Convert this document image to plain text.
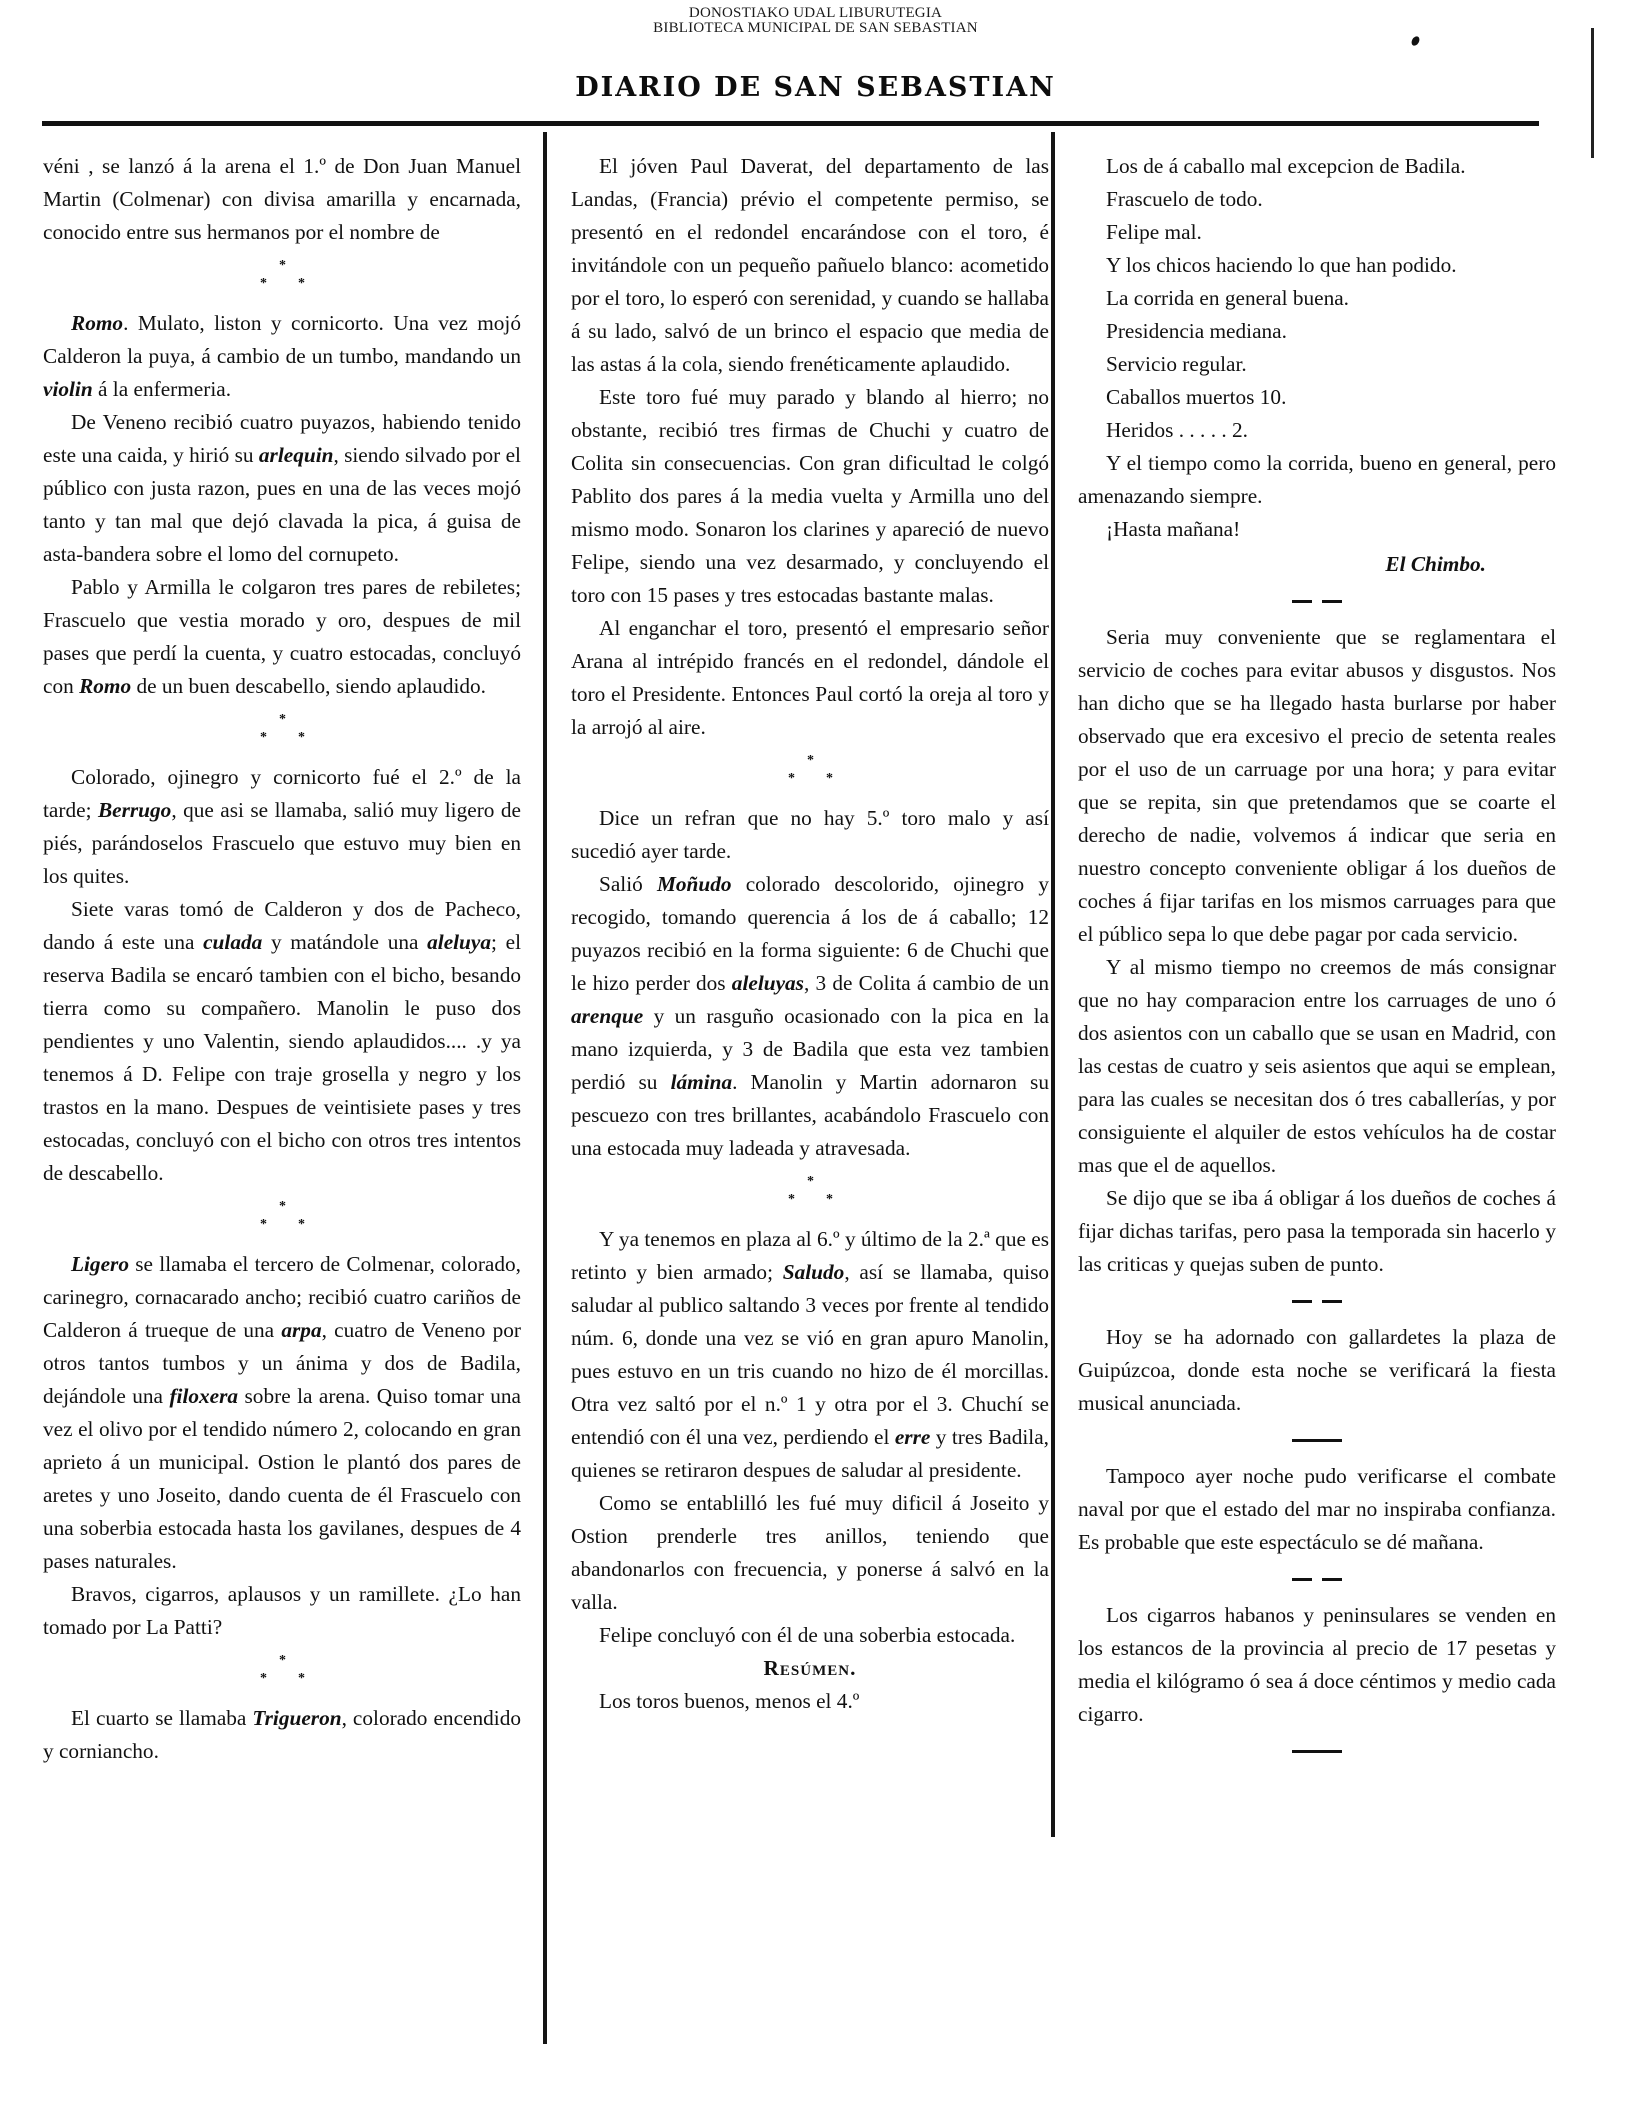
DONOSTIAKO UDAL LIBURUTEGIA
BIBLIOTECA MUNICIPAL DE SAN SEBASTIAN
DIARIO DE SAN SEBASTIAN

véni , se lanzó á la arena el 1.º de Don Juan Manuel Martin (Colmenar) con divisa amarilla y encarnada, conocido entre sus hermanos por el nombre de

*
* *

Romo. Mulato, liston y cornicorto. Una vez mojó Calderon la puya, á cambio de un tumbo, mandando un violin á la enfermeria.

De Veneno recibió cuatro puyazos, habiendo tenido este una caida, y hirió su arlequin, siendo silvado por el público con justa razon, pues en una de las veces mojó tanto y tan mal que dejó clavada la pica, á guisa de asta-bandera sobre el lomo del cornupeto.

Pablo y Armilla le colgaron tres pares de rebiletes; Frascuelo que vestia morado y oro, despues de mil pases que perdí la cuenta, y cuatro estocadas, concluyó con Romo de un buen descabello, siendo aplaudido.

*
* *

Colorado, ojinegro y cornicorto fué el 2.º de la tarde; Berrugo, que asi se llamaba, salió muy ligero de piés, parándoselos Frascuelo que estuvo muy bien en los quites.

Siete varas tomó de Calderon y dos de Pacheco, dando á este una culada y matándole una aleluya; el reserva Badila se encaró tambien con el bicho, besando tierra como su compañero. Manolin le puso dos pendientes y uno Valentin, siendo aplaudidos.... .y ya tenemos á D. Felipe con traje grosella y negro y los trastos en la mano. Despues de veintisiete pases y tres estocadas, concluyó con el bicho con otros tres intentos de descabello.

*
* *

Ligero se llamaba el tercero de Colmenar, colorado, carinegro, cornacarado ancho; recibió cuatro cariños de Calderon á trueque de una arpa, cuatro de Veneno por otros tantos tumbos y un ánima y dos de Badila, dejándole una filoxera sobre la arena. Quiso tomar una vez el olivo por el tendido número 2, colocando en gran aprieto á un municipal. Ostion le plantó dos pares de aretes y uno Joseito, dando cuenta de él Frascuelo con una soberbia estocada hasta los gavilanes, despues de 4 pases naturales.

Bravos, cigarros, aplausos y un ramillete. ¿Lo han tomado por La Patti?

*
* *

El cuarto se llamaba Trigueron, colorado encendido y cornіancho.

El jóven Paul Daverat, del departamento de las Landas, (Francia) prévio el competente permiso, se presentó en el redondel encarándose con el toro, é invitándole con un pequeño pañuelo blanco: acometido por el toro, lo esperó con serenidad, y cuando se hallaba á su lado, salvó de un brinco el espacio que media de las astas á la cola, siendo frenéticamente aplaudido.

Este toro fué muy parado y blando al hierro; no obstante, recibió tres firmas de Chuchi y cuatro de Colita sin consecuencias. Con gran dificultad le colgó Pablito dos pares á la media vuelta y Armilla uno del mismo modo. Sonaron los clarines y apareció de nuevo Felipe, siendo una vez desarmado, y concluyendo el toro con 15 pases y tres estocadas bastante malas.

Al enganchar el toro, presentó el empresario señor Arana al intrépido francés en el redondel, dándole el toro el Presidente. Entonces Paul cortó la oreja al toro y la arrojó al aire.

*
* *

Dice un refran que no hay 5.º toro malo y así sucedió ayer tarde.

Salió Moñudo colorado descolorido, ojinegro y recogido, tomando querencia á los de á caballo; 12 puyazos recibió en la forma siguiente: 6 de Chuchi que le hizo perder dos aleluyas, 3 de Colita á cambio de un arenque y un rasguño ocasionado con la pica en la mano izquierda, y 3 de Badila que esta vez tambien perdió su lámina. Manolin y Martin adornaron su pescuezo con tres brillantes, acabándolo Frascuelo con una estocada muy ladeada y atravesada.

*
* *

Y ya tenemos en plaza al 6.º y último de la 2.ª que es retinto y bien armado; Saludo, así se llamaba, quiso saludar al publico saltando 3 veces por frente al tendido núm. 6, donde una vez se vió en gran apuro Manolin, pues estuvo en un tris cuando no hizo de él morcillas. Otra vez saltó por el n.º 1 y otra por el 3. Chuchí se entendió con él una vez, perdiendo el erre y tres Badila, quienes se retiraron despues de saludar al presidente.

Como se entablilló les fué muy dificil á Joseito y Ostion prenderle tres anillos, teniendo que abandonarlos con frecuencia, y ponerse á salvó en la valla.

Felipe concluyó con él de una soberbia estocada.

Resúmen.

Los toros buenos, menos el 4.º

Los de á caballo mal excepcion de Badila.

Frascuelo de todo.

Felipe mal.

Y los chicos haciendo lo que han podido.

La corrida en general buena.

Presidencia mediana.

Servicio regular.

Caballos muertos 10.

Heridos . . . . . 2.

Y el tiempo como la corrida, bueno en general, pero amenazando siempre.

¡Hasta mañana!

El Chimbo.

Seria muy conveniente que se reglamentara el servicio de coches para evitar abusos y disgustos. Nos han dicho que se ha llegado hasta burlarse por haber observado que era excesivo el precio de setenta reales por el uso de un carruage por una hora; y para evitar que se repita, sin que pretendamos que se coarte el derecho de nadie, volvemos á indicar que seria en nuestro concepto conveniente obligar á los dueños de coches á fijar tarifas en los mismos carruages para que el público sepa lo que debe pagar por cada servicio.

Y al mismo tiempo no creemos de más consignar que no hay comparacion entre los carruages de uno ó dos asientos con un caballo que se usan en Madrid, con las cestas de cuatro y seis asientos que aqui se emplean, para las cuales se necesitan dos ó tres caballerías, y por consiguiente el alquiler de estos vehículos ha de costar mas que el de aquellos.

Se dijo que se iba á obligar á los dueños de coches á fijar dichas tarifas, pero pasa la temporada sin hacerlo y las criticas y quejas suben de punto.

Hoy se ha adornado con gallardetes la plaza de Guipúzcoa, donde esta noche se verificará la fiesta musical anunciada.

Tampoco ayer noche pudo verificarse el combate naval por que el estado del mar no inspiraba confianza. Es probable que este espectáculo se dé mañana.

Los cigarros habanos y peninsulares se venden en los estancos de la provincia al precio de 17 pesetas y media el kilógramo ó sea á doce céntimos y medio cada cigarro.
